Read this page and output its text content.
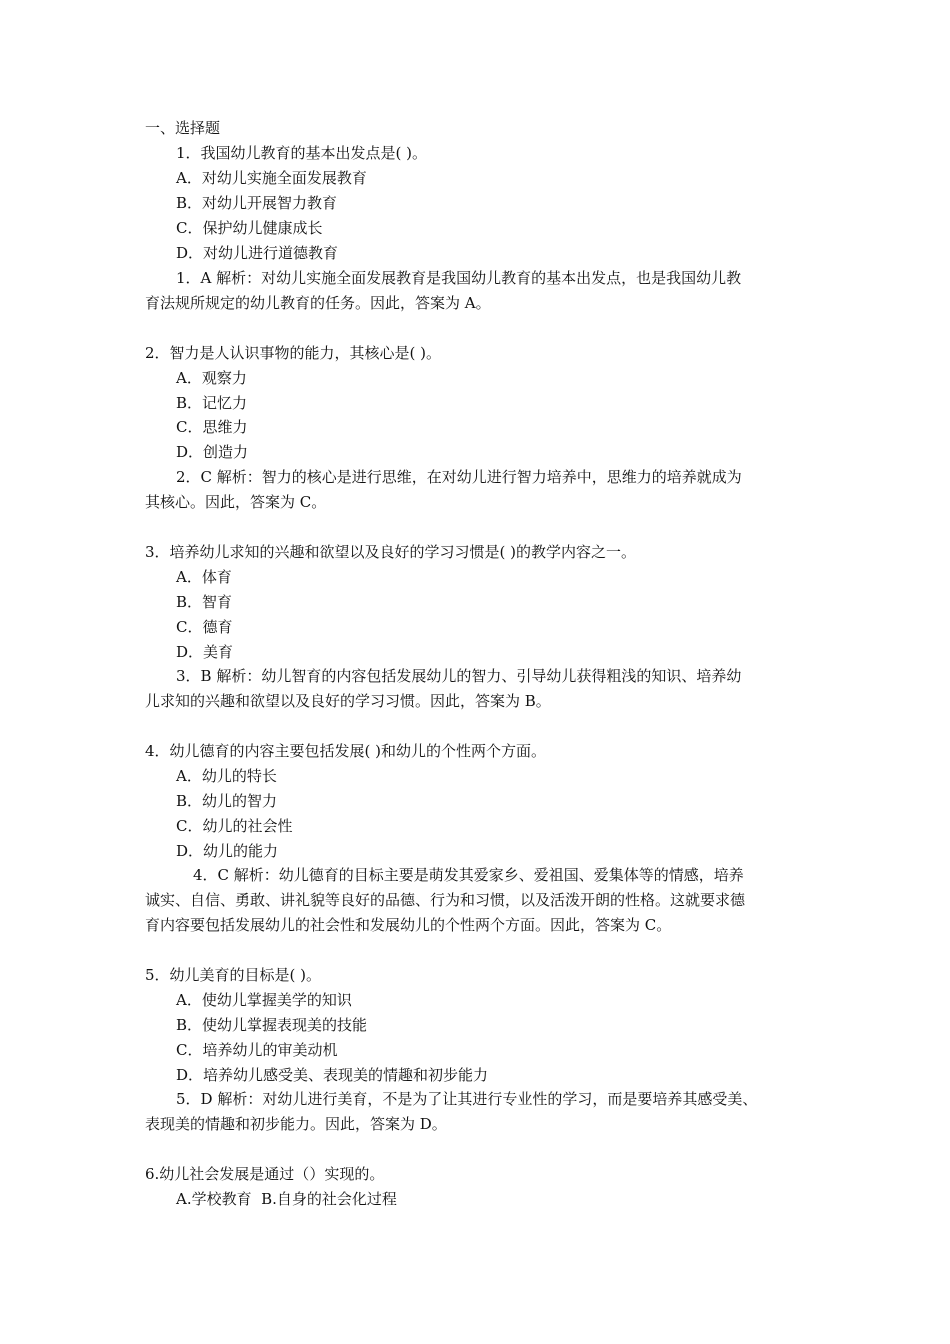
一、选择题
1．我国幼儿教育的基本出发点是( )。
A．对幼儿实施全面发展教育
B．对幼儿开展智力教育
C．保护幼儿健康成长
D．对幼儿进行道德教育
1．A 解析：对幼儿实施全面发展教育是我国幼儿教育的基本出发点，也是我国幼儿教
育法规所规定的幼儿教育的任务。因此，答案为 A。
2．智力是人认识事物的能力，其核心是( )。
A．观察力
B．记忆力
C．思维力
D．创造力
2．C 解析：智力的核心是进行思维，在对幼儿进行智力培养中，思维力的培养就成为
其核心。因此，答案为 C。
3．培养幼儿求知的兴趣和欲望以及良好的学习习惯是( )的教学内容之一。
A．体育
B．智育
C．德育
D．美育
3．B 解析：幼儿智育的内容包括发展幼儿的智力、引导幼儿获得粗浅的知识、培养幼
儿求知的兴趣和欲望以及良好的学习习惯。因此，答案为 B。
4．幼儿德育的内容主要包括发展( )和幼儿的个性两个方面。
A．幼儿的特长
B．幼儿的智力
C．幼儿的社会性
D．幼儿的能力
4．C 解析：幼儿德育的目标主要是萌发其爱家乡、爱祖国、爱集体等的情感，培养
诚实、自信、勇敢、讲礼貌等良好的品德、行为和习惯，以及活泼开朗的性格。这就要求德
育内容要包括发展幼儿的社会性和发展幼儿的个性两个方面。因此，答案为 C。
5．幼儿美育的目标是( )。
A．使幼儿掌握美学的知识
B．使幼儿掌握表现美的技能
C．培养幼儿的审美动机
D．培养幼儿感受美、表现美的情趣和初步能力
5．D 解析：对幼儿进行美育，不是为了让其进行专业性的学习，而是要培养其感受美、
表现美的情趣和初步能力。因此，答案为 D。
6.幼儿社会发展是通过（）实现的。
A.学校教育  B.自身的社会化过程
